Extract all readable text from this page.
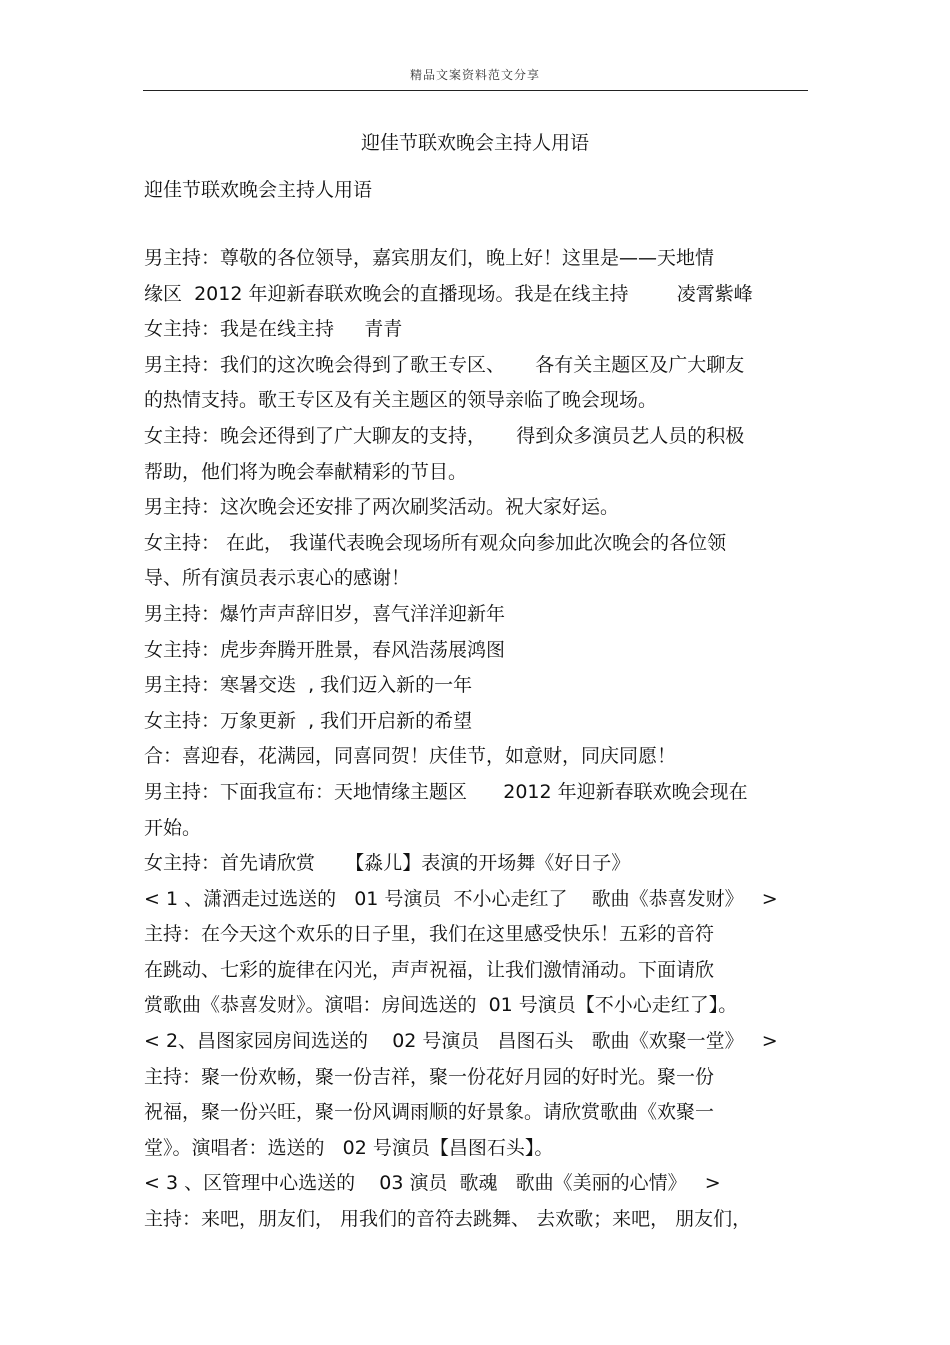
精品文案资料范文分享
迎佳节联欢晚会主持人用语
迎佳节联欢晚会主持人用语
男主持：尊敬的各位领导，嘉宾朋友们，晚上好！这里是——天地情
缘区  2012 年迎新春联欢晚会的直播现场。我是在线主持        凌霄紫峰
女主持：我是在线主持     青青
男主持：我们的这次晚会得到了歌王专区、     各有关主题区及广大聊友
的热情支持。歌王专区及有关主题区的领导亲临了晚会现场。
女主持：晚会还得到了广大聊友的支持，     得到众多演员艺人员的积极
帮助，他们将为晚会奉献精彩的节目。
男主持：这次晚会还安排了两次刷奖活动。祝大家好运。
女主持： 在此， 我谨代表晚会现场所有观众向参加此次晚会的各位领
导、所有演员表示衷心的感谢！
男主持：爆竹声声辞旧岁，喜气洋洋迎新年
女主持：虎步奔腾开胜景，春风浩荡展鸿图
男主持：寒暑交迭  , 我们迈入新的一年
女主持：万象更新  , 我们开启新的希望
合：喜迎春，花满园，同喜同贺！庆佳节，如意财，同庆同愿！
男主持：下面我宣布：天地情缘主题区      2012 年迎新春联欢晚会现在
开始。
女主持：首先请欣赏     【淼儿】表演的开场舞《好日子》
< 1 、潇洒走过选送的   01 号演员  不小心走红了    歌曲《恭喜发财》   >
主持：在今天这个欢乐的日子里，我们在这里感受快乐！五彩的音符
在跳动、七彩的旋律在闪光，声声祝福，让我们激情涌动。下面请欣
赏歌曲《恭喜发财》。演唱：房间选送的  01 号演员【不小心走红了】。
< 2、昌图家园房间选送的    02 号演员   昌图石头   歌曲《欢聚一堂》   >
主持：聚一份欢畅，聚一份吉祥，聚一份花好月园的好时光。聚一份
祝福，聚一份兴旺，聚一份风调雨顺的好景象。请欣赏歌曲《欢聚一
堂》。演唱者：选送的   02 号演员【昌图石头】。
< 3 、区管理中心选送的    03 演员  歌魂   歌曲《美丽的心情》   >
主持：来吧，朋友们， 用我们的音符去跳舞、 去欢歌；来吧， 朋友们，
